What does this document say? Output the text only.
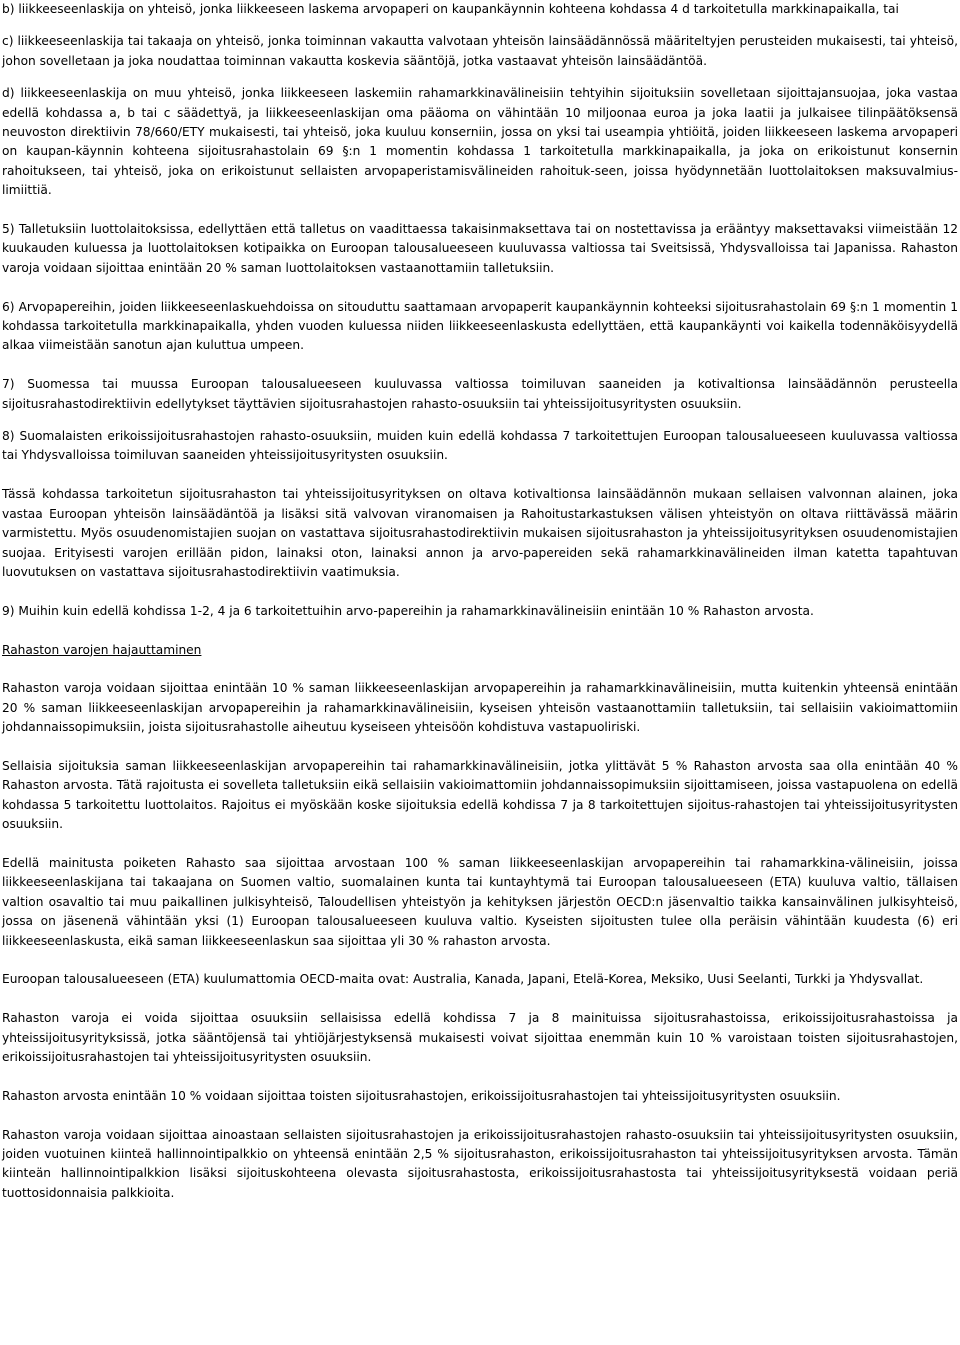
b) liikkeeseenlaskija on yhteisö, jonka liikkeeseen laskema arvopaperi on kaupankäynnin kohteena kohdassa 4 d tarkoitetulla markkinapaikalla, tai

c) liikkeeseenlaskija tai takaaja on yhteisö, jonka toiminnan vakautta valvotaan yhteisön lainsäädännössä määriteltyjen perusteiden mukaisesti, tai yhteisö, johon sovelletaan ja joka noudattaa toiminnan vakautta koskevia sääntöjä, jotka vastaavat yhteisön lainsäädäntöä.

d) liikkeeseenlaskija on muu yhteisö, jonka liikkeeseen laskemiin rahamarkkinavälineisiin tehtyihin sijoituksiin sovelletaan sijoittajansuojaa, joka vastaa edellä kohdassa a, b tai c säädettyä, ja liikkeeseenlaskijan oma pääoma on vähintään 10 miljoonaa euroa ja joka laatii ja julkaisee tilinpäätöksensä neuvoston direktiivin 78/660/ETY mukaisesti, tai yhteisö, joka kuuluu konserniin, jossa on yksi tai useampia yhtiöitä, joiden liikkeeseen laskema arvopaperi on kaupan-käynnin kohteena sijoitusrahastolain 69 §:n 1 momentin kohdassa 1 tarkoitetulla markkinapaikalla, ja joka on erikoistunut konsernin rahoitukseen, tai yhteisö, joka on erikoistunut sellaisten arvopaperistamisvälineiden rahoituk-seen, joissa hyödynnetään luottolaitoksen maksuvalmius-limiittiä.

5) Talletuksiin luottolaitoksissa, edellyttäen että talletus on vaadittaessa takaisinmaksettava tai on nostettavissa ja erääntyy maksettavaksi viimeistään 12 kuukauden kuluessa ja luottolaitoksen kotipaikka on Euroopan talousalueeseen kuuluvassa valtiossa tai Sveitsissä, Yhdysvalloissa tai Japanissa. Rahaston varoja voidaan sijoittaa enintään 20 % saman luottolaitoksen vastaanottamiin talletuksiin.

6) Arvopapereihin, joiden liikkeeseenlaskuehdoissa on sitouduttu saattamaan arvopaperit kaupankäynnin kohteeksi sijoitusrahastolain 69 §:n 1 momentin 1 kohdassa tarkoitetulla markkinapaikalla, yhden vuoden kuluessa niiden liikkeeseenlaskusta edellyttäen, että kaupankäynti voi kaikella todennäköisyydellä alkaa viimeistään sanotun ajan kuluttua umpeen.

7) Suomessa tai muussa Euroopan talousalueeseen kuuluvassa valtiossa toimiluvan saaneiden ja kotivaltionsa lainsäädännön perusteella sijoitusrahastodirektiivin edellytykset täyttävien sijoitusrahastojen rahasto-osuuksiin tai yhteissijoitusyritysten osuuksiin.

8) Suomalaisten erikoissijoitusrahastojen rahasto-osuuksiin, muiden kuin edellä kohdassa 7 tarkoitettujen Euroopan talousalueeseen kuuluvassa valtiossa tai Yhdysvalloissa toimiluvan saaneiden yhteissijoitusyritysten osuuksiin.

Tässä kohdassa tarkoitetun sijoitusrahaston tai yhteissijoitusyrityksen on oltava kotivaltionsa lainsäädännön mukaan sellaisen valvonnan alainen, joka vastaa Euroopan yhteisön lainsäädäntöä ja lisäksi sitä valvovan viranomaisen ja Rahoitustarkastuksen välisen yhteistyön on oltava riittävässä määrin varmistettu. Myös osuudenomistajien suojan on vastattava sijoitusrahastodirektiivin mukaisen sijoitusrahaston ja yhteissijoitusyrityksen osuudenomistajien suojaa. Erityisesti varojen erillään pidon, lainaksi oton, lainaksi annon ja arvo-papereiden sekä rahamarkkinavälineiden ilman katetta tapahtuvan luovutuksen on vastattava sijoitusrahastodirektiivin vaatimuksia.

9) Muihin kuin edellä kohdissa 1-2, 4 ja 6 tarkoitettuihin arvo-papereihin ja rahamarkkinavälineisiin enintään 10 % Rahaston arvosta.

Rahaston varojen hajauttaminen

Rahaston varoja voidaan sijoittaa enintään 10 % saman liikkeeseenlaskijan arvopapereihin ja rahamarkkinavälineisiin, mutta kuitenkin yhteensä enintään 20 % saman liikkeeseenlaskijan arvopapereihin ja rahamarkkinavälineisiin, kyseisen yhteisön vastaanottamiin talletuksiin, tai sellaisiin vakioimattomiin johdannaissopimuksiin, joista sijoitusrahastolle aiheutuu kyseiseen yhteisöön kohdistuva vastapuoliriski.

Sellaisia sijoituksia saman liikkeeseenlaskijan arvopapereihin tai rahamarkkinavälineisiin, jotka ylittävät 5 % Rahaston arvosta saa olla enintään 40 % Rahaston arvosta. Tätä rajoitusta ei sovelleta talletuksiin eikä sellaisiin vakioimattomiin johdannaissopimuksiin sijoittamiseen, joissa vastapuolena on edellä kohdassa 5 tarkoitettu luottolaitos. Rajoitus ei myöskään koske sijoituksia edellä kohdissa 7 ja 8 tarkoitettujen sijoitus-rahastojen tai yhteissijoitusyritysten osuuksiin.

Edellä mainitusta poiketen Rahasto saa sijoittaa arvostaan 100 % saman liikkeeseenlaskijan arvopapereihin tai rahamarkkina-välineisiin, joissa liikkeeseenlaskijana tai takaajana on Suomen valtio, suomalainen kunta tai kuntayhtymä tai Euroopan talousalueeseen (ETA) kuuluva valtio, tällaisen valtion osavaltio tai muu paikallinen julkisyhteisö, Taloudellisen yhteistyön ja kehityksen järjestön OECD:n jäsenvaltio taikka kansainvälinen julkisyhteisö, jossa on jäsenenä vähintään yksi (1) Euroopan talousalueeseen kuuluva valtio. Kyseisten sijoitusten tulee olla peräisin vähintään kuudesta (6) eri liikkeeseenlaskusta, eikä saman liikkeeseenlaskun saa sijoittaa yli 30 % rahaston arvosta.

Euroopan talousalueeseen (ETA) kuulumattomia OECD-maita ovat: Australia, Kanada, Japani, Etelä-Korea, Meksiko, Uusi Seelanti, Turkki ja Yhdysvallat.

Rahaston varoja ei voida sijoittaa osuuksiin sellaisissa edellä kohdissa 7 ja 8 mainituissa sijoitusrahastoissa, erikoissijoitusrahastoissa ja yhteissijoitusyrityksissä, jotka sääntöjensä tai yhtiöjärjestyksensä mukaisesti voivat sijoittaa enemmän kuin 10 % varoistaan toisten sijoitusrahastojen, erikoissijoitusrahastojen tai yhteissijoitusyritysten osuuksiin.

Rahaston arvosta enintään 10 % voidaan sijoittaa toisten sijoitusrahastojen, erikoissijoitusrahastojen tai yhteissijoitusyritysten osuuksiin.

Rahaston varoja voidaan sijoittaa ainoastaan sellaisten sijoitusrahastojen ja erikoissijoitusrahastojen rahasto-osuuksiin tai yhteissijoitusyritysten osuuksiin, joiden vuotuinen kiinteä hallinnointipalkkio on yhteensä enintään 2,5 % sijoitusrahaston, erikoissijoitusrahaston tai yhteissijoitusyrityksen arvosta. Tämän kiinteän hallinnointipalkkion lisäksi sijoituskohteena olevasta sijoitusrahastosta, erikoissijoitusrahastosta tai yhteissijoitusyrityksestä voidaan periä tuottosidonnaisia palkkioita.
